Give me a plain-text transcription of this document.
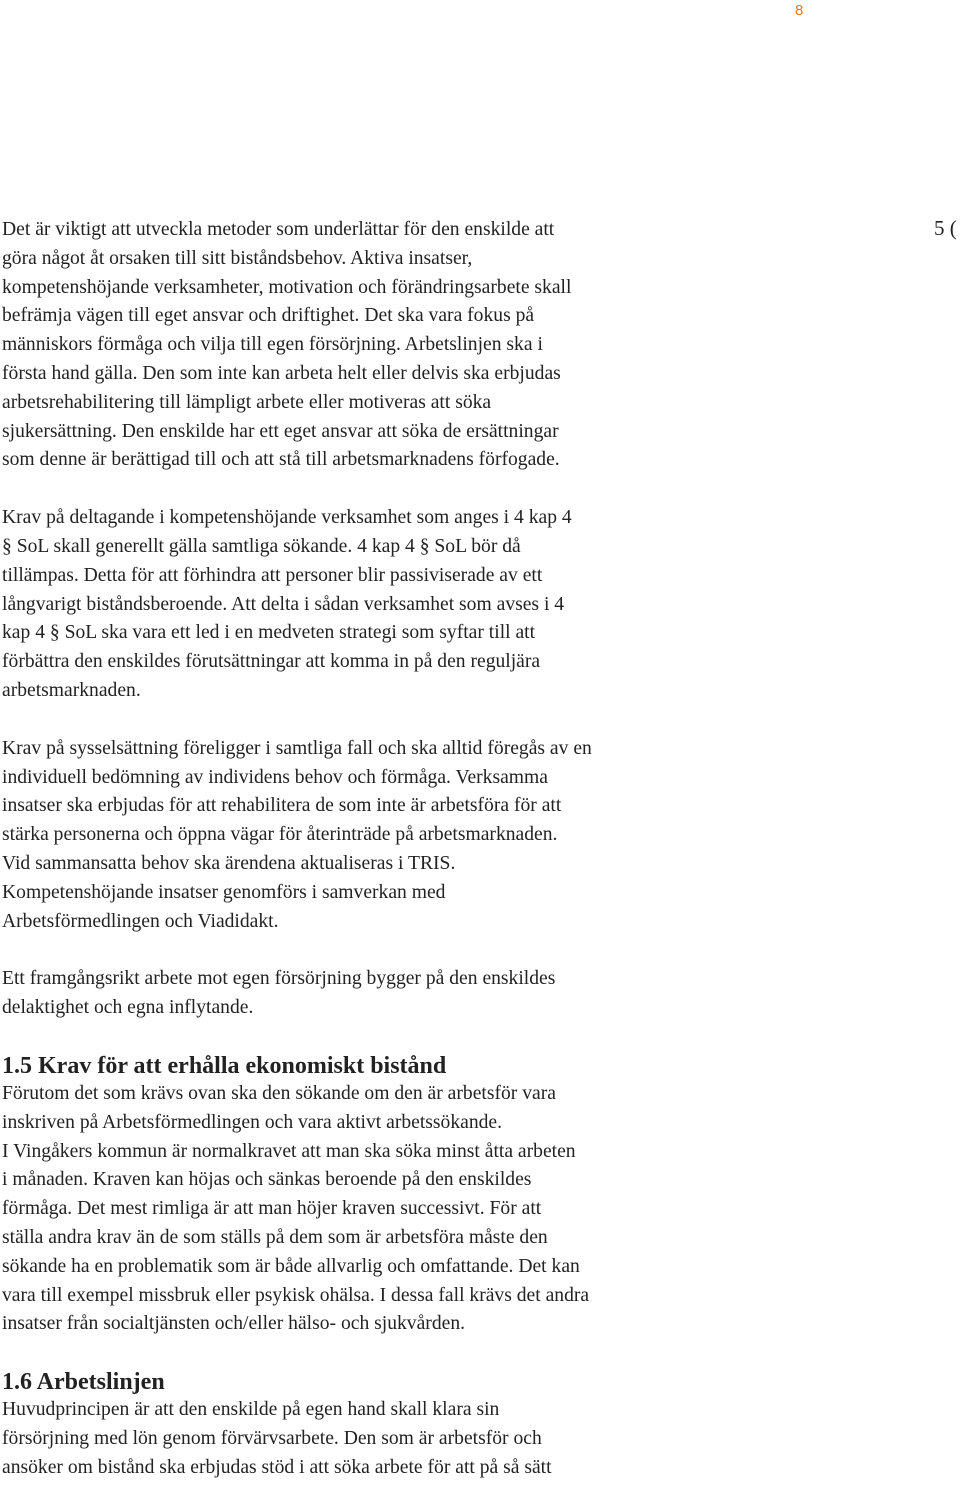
8
5 (
Det är viktigt att utveckla metoder som underlättar för den enskilde att
göra något åt orsaken till sitt biståndsbehov. Aktiva insatser,
kompetenshöjande verksamheter, motivation och förändringsarbete skall
befrämja vägen till eget ansvar och driftighet. Det ska vara fokus på
människors förmåga och vilja till egen försörjning. Arbetslinjen ska i
första hand gälla. Den som inte kan arbeta helt eller delvis ska erbjudas
arbetsrehabilitering till lämpligt arbete eller motiveras att söka
sjukersättning. Den enskilde har ett eget ansvar att söka de ersättningar
som denne är berättigad till och att stå till arbetsmarknadens förfogade.
Krav på deltagande i kompetenshöjande verksamhet som anges i 4 kap 4
§ SoL skall generellt gälla samtliga sökande. 4 kap 4 § SoL bör då
tillämpas. Detta för att förhindra att personer blir passiviserade av ett
långvarigt biståndsberoende. Att delta i sådan verksamhet som avses i 4
kap 4 § SoL ska vara ett led i en medveten strategi som syftar till att
förbättra den enskildes förutsättningar att komma in på den reguljära
arbetsmarknaden.
Krav på sysselsättning föreligger i samtliga fall och ska alltid föregås av en
individuell bedömning av individens behov och förmåga. Verksamma
insatser ska erbjudas för att rehabilitera de som inte är arbetsföra för att
stärka personerna och öppna vägar för återinträde på arbetsmarknaden.
Vid sammansatta behov ska ärendena aktualiseras i TRIS.
Kompetenshöjande insatser genomförs i samverkan med
Arbetsförmedlingen och Viadidakt.
Ett framgångsrikt arbete mot egen försörjning bygger på den enskildes
delaktighet och egna inflytande.
1.5 Krav för att erhålla ekonomiskt bistånd
Förutom det som krävs ovan ska den sökande om den är arbetsför vara
inskriven på Arbetsförmedlingen och vara aktivt arbetssökande.
I Vingåkers kommun är normalkravet att man ska söka minst åtta arbeten
i månaden. Kraven kan höjas och sänkas beroende på den enskildes
förmåga. Det mest rimliga är att man höjer kraven successivt. För att
ställa andra krav än de som ställs på dem som är arbetsföra måste den
sökande ha en problematik som är både allvarlig och omfattande. Det kan
vara till exempel missbruk eller psykisk ohälsa. I dessa fall krävs det andra
insatser från socialtjänsten och/eller hälso- och sjukvården.
1.6 Arbetslinjen
Huvudprincipen är att den enskilde på egen hand skall klara sin
försörjning med lön genom förvärvsarbete. Den som är arbetsför och
ansöker om bistånd ska erbjudas stöd i att söka arbete för att på så sätt
